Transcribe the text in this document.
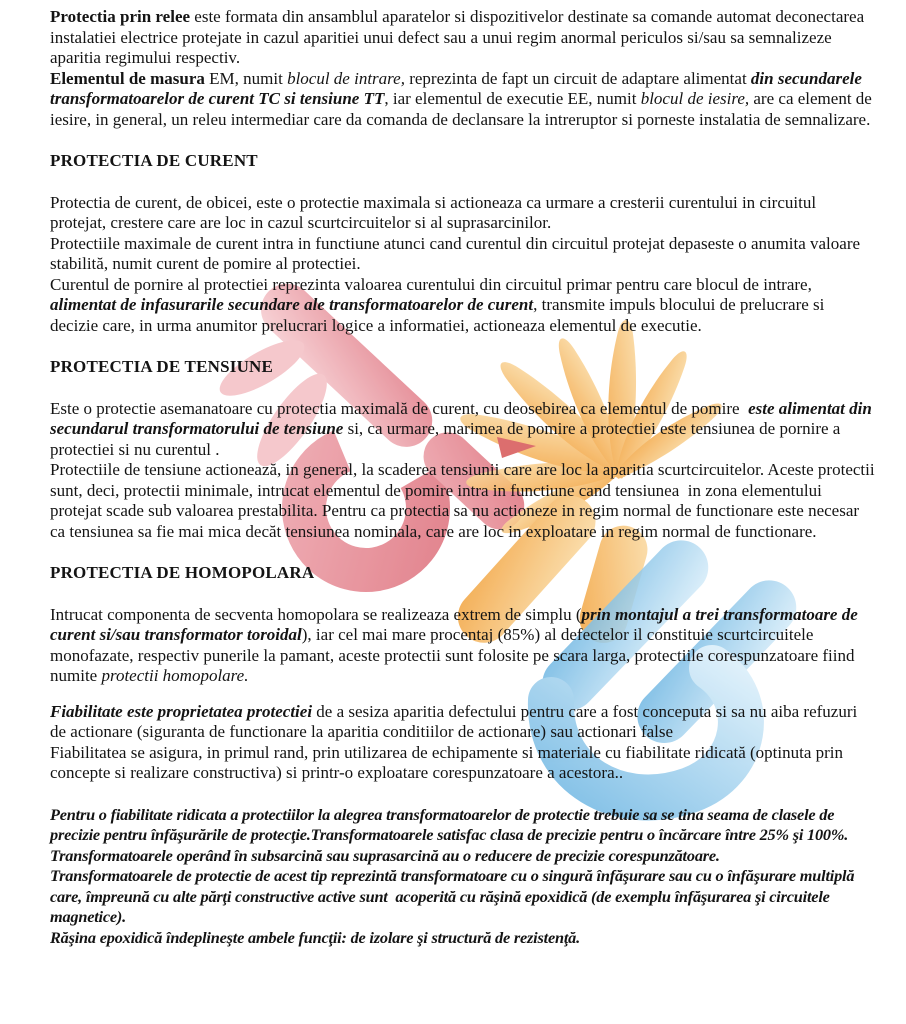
Protectia prin relee este formata din ansamblul aparatelor si dispozitivelor destinate sa comande automat deconectarea instalatiei electrice protejate in cazul aparitiei unui defect sau a unui regim anormal periculos si/sau sa semnalizeze aparitia regimului respectiv.

Elementul de masura EM, numit blocul de intrare, reprezinta de fapt un circuit de adaptare alimentat din secundarele transformatoarelor de curent TC si tensiune TT, iar elementul de executie EE, numit blocul de iesire, are ca element de iesire, in general, un releu intermediar care da comanda de declansare la intreruptor si porneste instalatia de semnalizare.

PROTECTIA DE CURENT

Protectia de curent, de obicei, este o protectie maximala si actioneaza ca urmare a cresterii curentului in circuitul protejat, crestere care are loc in cazul scurtcircuitelor si al suprasarcinilor.

Protectiile maximale de curent intra in functiune atunci cand curentul din circuitul protejat depaseste o anumita valoare stabilită, numit curent de pomire al protectiei.

Curentul de pornire al protectiei reprezinta valoarea curentului din circuitul primar pentru care blocul de intrare, alimentat de infasurarile secundare ale transformatoarelor de curent, transmite impuls blocului de prelucrare si decizie care, in urma anumitor prelucrari logice a informatiei, actioneaza elementul de executie.

PROTECTIA DE TENSIUNE

Este o protectie asemanatoare cu protectia maximală de curent, cu deosebirea ca elementul de pomire  este alimentat din secundarul transformatorului de tensiune si, ca urmare, marimea de pomire a protectiei este tensiunea de pornire a protectiei si nu curentul .

Protectiile de tensiune actionează, in general, la scaderea tensiunii care are loc la aparitia scurtcircuitelor. Aceste protectii sunt, deci, protectii minimale, intrucat elementul de pomire intra in functiune cand tensiunea  in zona elementului protejat scade sub valoarea prestabilita. Pentru ca protectia sa nu actioneze in regim normal de functionare este necesar ca tensiunea sa fie mai mica decăt tensiunea nominala, care are loc in exploatare in regim normal de functionare.

PROTECTIA DE HOMOPOLARA

Intrucat componenta de secventa homopolara se realizeaza extrem de simplu (prin montajul a trei transformatoare de curent si/sau transformator toroidal), iar cel mai mare procentaj (85%) al defectelor il constituie scurtcircuitele monofazate, respectiv punerile la pamant, aceste protectii sunt folosite pe scara larga, protectiile corespunzatoare fiind numite protectii homopolare.

Fiabilitate este proprietatea protectiei de a sesiza aparitia defectului pentru care a fost conceputa si sa nu aiba refuzuri de actionare (siguranta de functionare la aparitia conditiilor de actionare) sau actionari false

Fiabilitatea se asigura, in primul rand, prin utilizarea de echipamente si materiale cu fiabilitate ridicată (optinuta prin concepte si realizare constructiva) si printr-o exploatare corespunzatoare a acestora..

Pentru o fiabilitate ridicata a protectiilor la alegrea transformatoarelor de protectie trebuie sa se tina seama de clasele de precizie pentru înfăşurările de protecţie.Transformatoarele satisfac clasa de precizie pentru o încărcare între 25% şi 100%.

Transformatoarele operând în subsarcină sau suprasarcină au o reducere de precizie corespunzătoare.

Transformatoarele de protectie de acest tip reprezintă transformatoare cu o singură înfăşurare sau cu o înfăşurare multiplă care, împreună cu alte părţi constructive active sunt  acoperită cu răşină epoxidică (de exemplu înfăşurarea şi circuitele magnetice).

Răşina epoxidică îndeplineşte ambele funcţii: de izolare şi structură de rezistenţă.
